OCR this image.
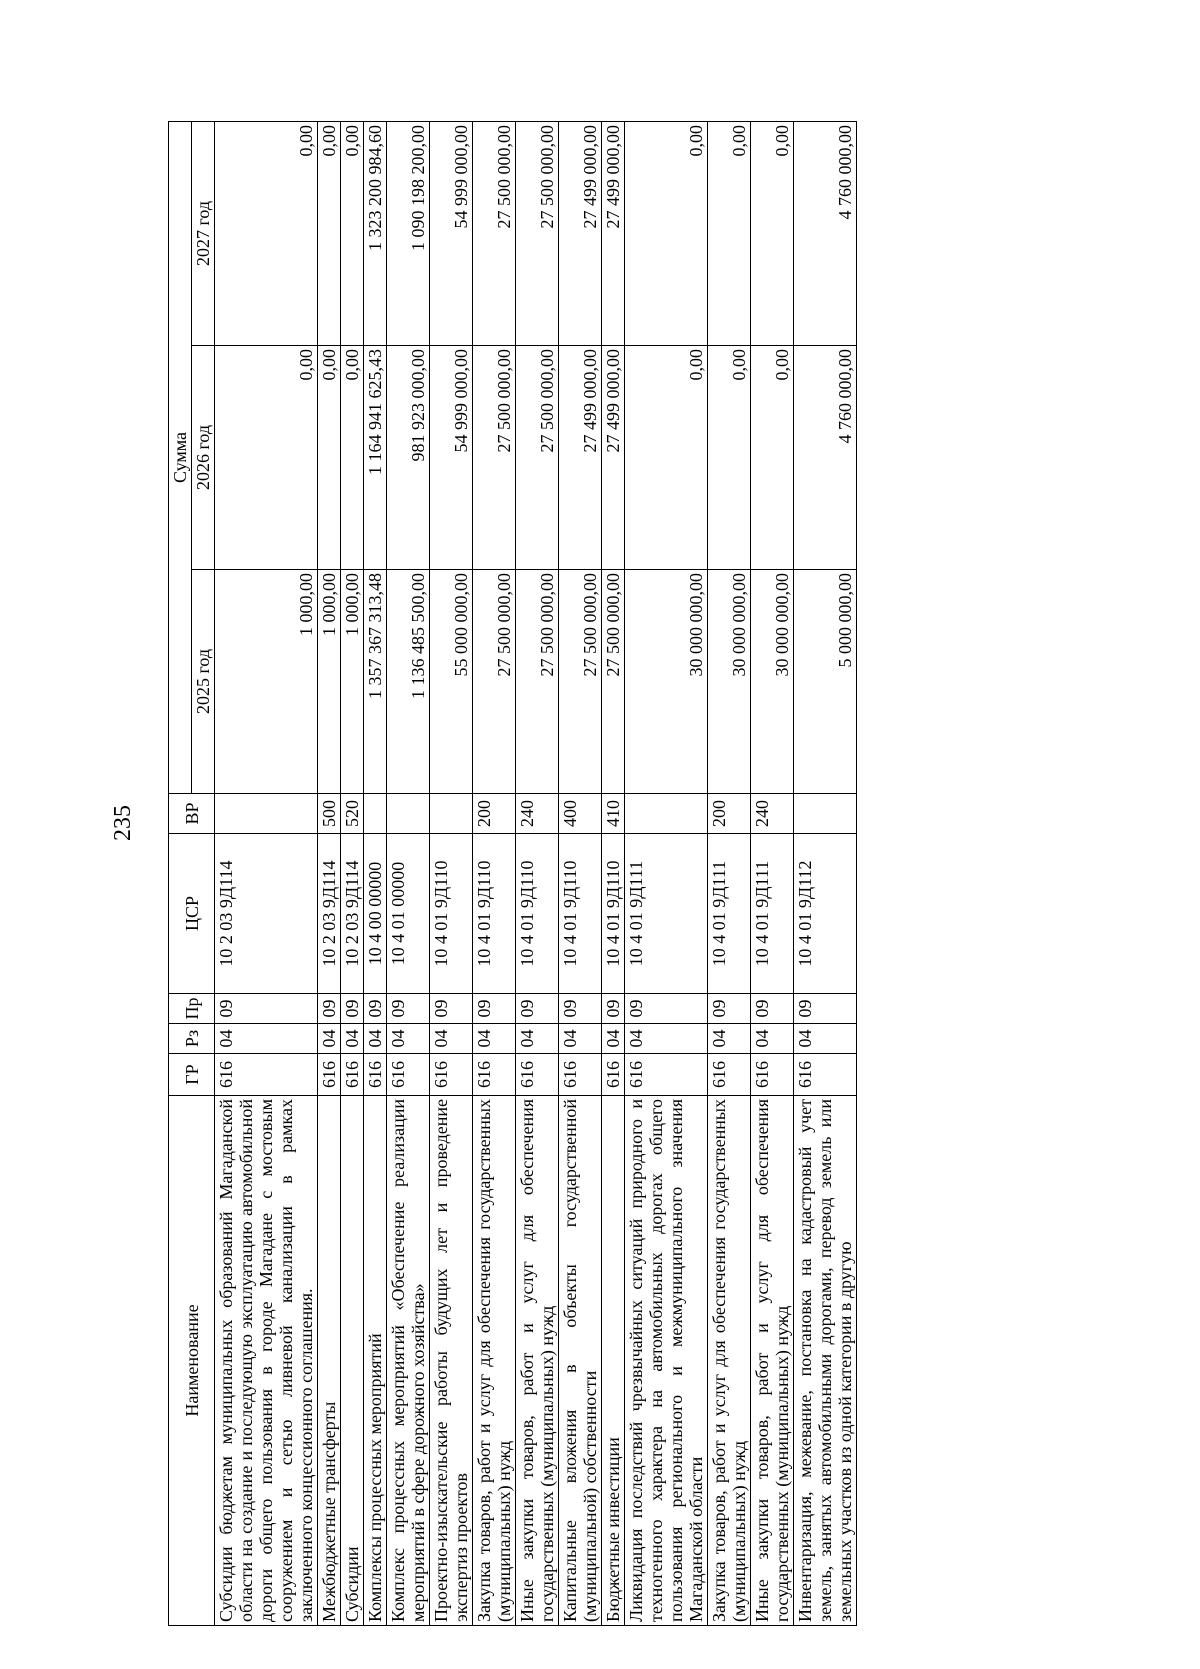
235
Наименование	ГР	Рз	Пр	ЦСР	ВР	Сумма		
						2025 год	2026 год	2027 год
Субсидии бюджетам муниципальных образований Магаданской области на создание и последующую эксплуатацию автомобильной дороги общего пользования в городе Магадане с мостовым сооружением и сетью ливневой канализации в рамках заключенного концессионного соглашения.	616	04	09	10 2 03 9Д114		1 000,00	0,00	0,00
Межбюджетные трансферты	616	04	09	10 2 03 9Д114	500	1 000,00	0,00	0,00
Субсидии	616	04	09	10 2 03 9Д114	520	1 000,00	0,00	0,00
Комплексы процессных мероприятий	616	04	09	10 4 00 00000		1 357 367 313,48	1 164 941 625,43	1 323 200 984,60
Комплекс процессных мероприятий «Обеспечение реализации мероприятий в сфере дорожного хозяйства»	616	04	09	10 4 01 00000		1 136 485 500,00	981 923 000,00	1 090 198 200,00
Проектно-изыскательские работы будущих лет и проведение экспертиз проектов	616	04	09	10 4 01 9Д110		55 000 000,00	54 999 000,00	54 999 000,00
Закупка товаров, работ и услуг для обеспечения государственных (муниципальных) нужд	616	04	09	10 4 01 9Д110	200	27 500 000,00	27 500 000,00	27 500 000,00
Иные закупки товаров, работ и услуг для обеспечения государственных (муниципальных) нужд	616	04	09	10 4 01 9Д110	240	27 500 000,00	27 500 000,00	27 500 000,00
Капитальные вложения в объекты государственной (муниципальной) собственности	616	04	09	10 4 01 9Д110	400	27 500 000,00	27 499 000,00	27 499 000,00
Бюджетные инвестиции	616	04	09	10 4 01 9Д110	410	27 500 000,00	27 499 000,00	27 499 000,00
Ликвидация последствий чрезвычайных ситуаций природного и техногенного характера на автомобильных дорогах общего пользования регионального и межмуниципального значения Магаданской области	616	04	09	10 4 01 9Д111		30 000 000,00	0,00	0,00
Закупка товаров, работ и услуг для обеспечения государственных (муниципальных) нужд	616	04	09	10 4 01 9Д111	200	30 000 000,00	0,00	0,00
Иные закупки товаров, работ и услуг для обеспечения государственных (муниципальных) нужд	616	04	09	10 4 01 9Д111	240	30 000 000,00	0,00	0,00
Инвентаризация, межевание, постановка на кадастровый учет земель, занятых автомобильными дорогами, перевод земель или земельных участков из одной категории в другую	616	04	09	10 4 01 9Д112		5 000 000,00	4 760 000,00	4 760 000,00
